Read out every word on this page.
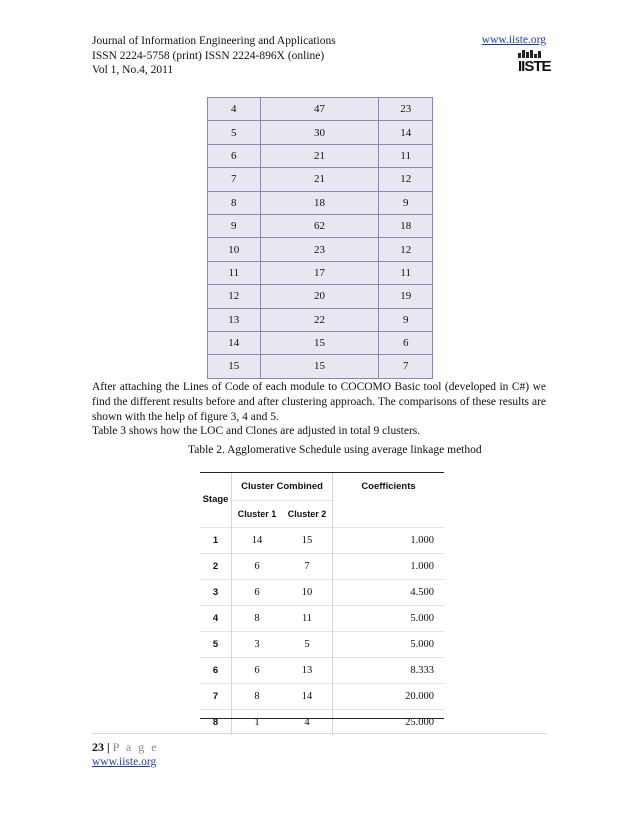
Journal of Information Engineering and Applications
ISSN 2224-5758 (print) ISSN 2224-896X (online)
Vol 1, No.4, 2011
www.iiste.org
IISTE
4	47	23
5	30	14
6	21	11
7	21	12
8	18	9
9	62	18
10	23	12
11	17	11
12	20	19
13	22	9
14	15	6
15	15	7
After attaching the Lines of Code of each module to COCOMO Basic tool (developed in C#) we find the different results before and after clustering approach. The comparisons of these results are shown with the help of figure 3, 4 and 5.
Table 3 shows how the LOC and Clones are adjusted in total 9 clusters.
Table 2. Agglomerative Schedule using average linkage method
Stage	Cluster Combined		Coefficients
	Cluster 1	Cluster 2	
1	14	15	1.000
2	6	7	1.000
3	6	10	4.500
4	8	11	5.000
5	3	5	5.000
6	6	13	8.333
7	8	14	20.000
8	1	4	25.000
23 | P a g e
www.iiste.org
